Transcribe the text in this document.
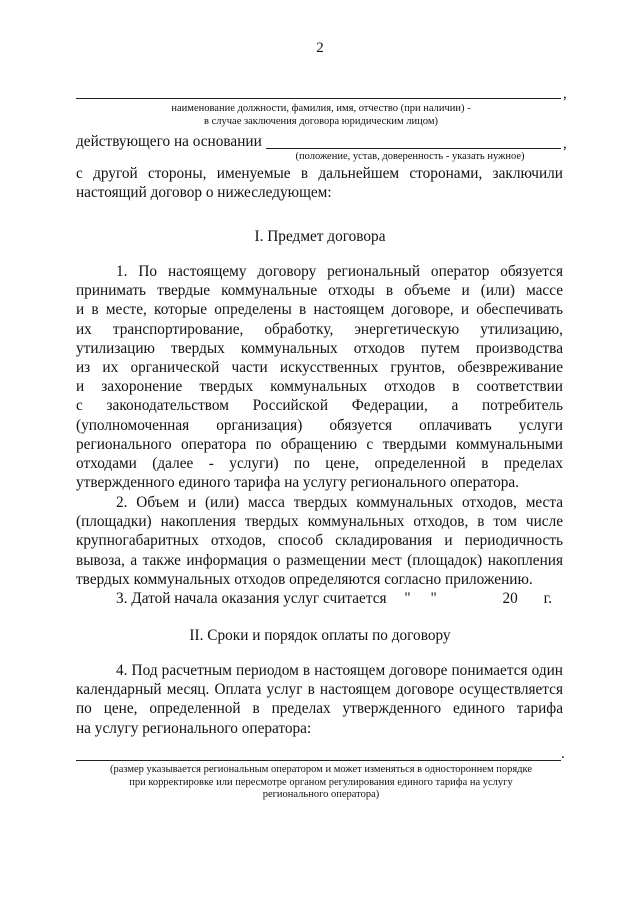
2
,
наименование должности, фамилия, имя, отчество (при наличии) -
в случае заключения договора юридическим лицом)
действующего на основании	,
(положение, устав, доверенность - указать нужное)
с другой стороны, именуемые в дальнейшем сторонами, заключили
настоящий договор о нижеследующем:
I. Предмет договора
1. По настоящему договору региональный оператор обязуется
принимать твердые коммунальные отходы в объеме и (или) массе
и в месте, которые определены в настоящем договоре, и обеспечивать
их транспортирование, обработку, энергетическую утилизацию,
утилизацию твердых коммунальных отходов путем производства
из их органической части искусственных грунтов, обезвреживание
и захоронение твердых коммунальных отходов в соответствии
с законодательством Российской Федерации, а потребитель
(уполномоченная организация) обязуется оплачивать услуги
регионального оператора по обращению с твердыми коммунальными
отходами (далее - услуги) по цене, определенной в пределах
утвержденного единого тарифа на услугу регионального оператора.
2. Объем и (или) масса твердых коммунальных отходов, места
(площадки) накопления твердых коммунальных отходов, в том числе
крупногабаритных отходов, способ складирования и периодичность
вывоза, а также информация о размещении мест (площадок) накопления
твердых коммунальных отходов определяются согласно приложению.
3. Датой начала оказания услуг считается " "	20 г.
II. Сроки и порядок оплаты по договору
4. Под расчетным периодом в настоящем договоре понимается один
календарный месяц. Оплата услуг в настоящем договоре осуществляется
по цене, определенной в пределах утвержденного единого тарифа
на услугу регионального оператора:
.
(размер указывается региональным оператором и может изменяться в одностороннем порядке
при корректировке или пересмотре органом регулирования единого тарифа на услугу
регионального оператора)
